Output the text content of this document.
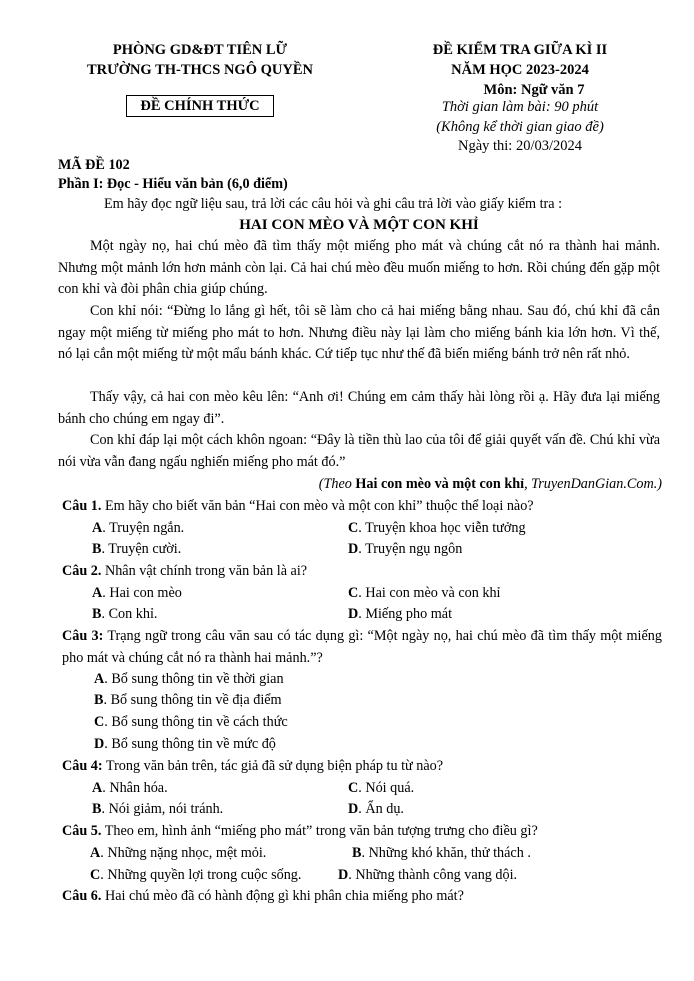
PHÒNG GD&ĐT TIÊN LỮ
TRƯỜNG TH-THCS NGÔ QUYỀN
ĐỀ CHÍNH THỨC
ĐỀ KIỂM TRA GIỮA KÌ II
NĂM HỌC 2023-2024
Môn: Ngữ văn 7
Thời gian làm bài: 90 phút
(Không kể thời gian giao đề)
Ngày thi: 20/03/2024
MÃ ĐỀ 102
Phần I: Đọc - Hiểu văn bản (6,0 điểm)
Em hãy đọc ngữ liệu sau, trả lời các câu hỏi và ghi câu trả lời vào giấy kiểm tra :
HAI CON MÈO VÀ MỘT CON KHỈ
Một ngày nọ, hai chú mèo đã tìm thấy một miếng pho mát và chúng cắt nó ra thành hai mảnh. Nhưng một mảnh lớn hơn mảnh còn lại. Cả hai chú mèo đều muốn miếng to hơn. Rồi chúng đến gặp một con khỉ và đòi phân chia giúp chúng.
Con khỉ nói: “Đừng lo lắng gì hết, tôi sẽ làm cho cả hai miếng bằng nhau. Sau đó, chú khỉ đã cắn ngay một miếng từ miếng pho mát to hơn. Nhưng điều này lại làm cho miếng bánh kia lớn hơn. Vì thế, nó lại cắn một miếng từ một mẩu bánh khác. Cứ tiếp tục như thế đã biến miếng bánh trở nên rất nhỏ.
Thấy vậy, cả hai con mèo kêu lên: “Anh ơi! Chúng em cảm thấy hài lòng rồi ạ. Hãy đưa lại miếng bánh cho chúng em ngay đi”.
Con khỉ đáp lại một cách khôn ngoan: “Đây là tiền thù lao của tôi để giải quyết vấn đề. Chú khỉ vừa nói vừa vẫn đang ngấu nghiến miếng pho mát đó.”
(Theo Hai con mèo và một con khỉ, TruyenDanGian.Com.)
Câu 1. Em hãy cho biết văn bản “Hai con mèo và một con khỉ” thuộc thể loại nào?
A. Truyện ngắn.	C. Truyện khoa học viễn tưởng
B. Truyện cười.	D. Truyện ngụ ngôn
Câu 2. Nhân vật chính trong văn bản là ai?
A. Hai con mèo	C. Hai con mèo và con khỉ
B. Con khỉ.	D. Miếng pho mát
Câu 3: Trạng ngữ trong câu văn sau có tác dụng gì: “Một ngày nọ, hai chú mèo đã tìm thấy một miếng pho mát và chúng cắt nó ra thành hai mảnh.”?
A. Bổ sung thông tin về thời gian
B. Bổ sung thông tin về địa điểm
C. Bổ sung thông tin về cách thức
D. Bổ sung thông tin về mức độ
Câu 4: Trong văn bản trên, tác giả đã sử dụng biện pháp tu từ nào?
A. Nhân hóa.	C. Nói quá.
B. Nói giảm, nói tránh.	D. Ẩn dụ.
Câu 5. Theo em, hình ảnh “miếng pho mát” trong văn bản tượng trưng cho điều gì?
A. Những nặng nhọc, mệt mỏi.	B. Những khó khăn, thử thách .
C. Những quyền lợi trong cuộc sống.	D. Những thành công vang dội.
Câu 6. Hai chú mèo đã có hành động gì khi phân chia miếng pho mát?
